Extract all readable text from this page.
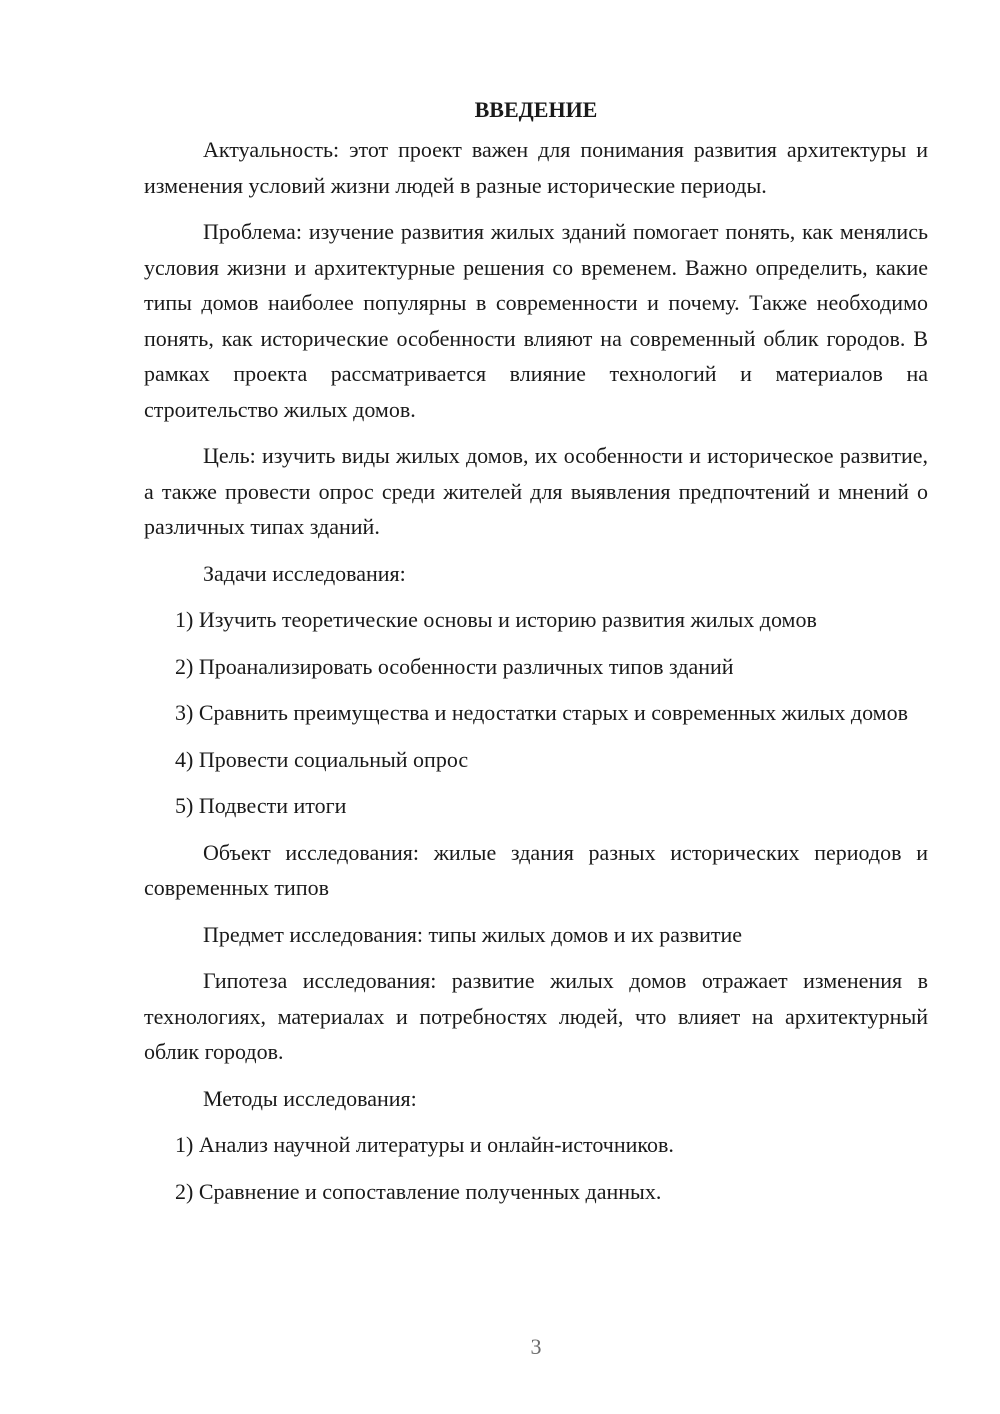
ВВЕДЕНИЕ

Актуальность: этот проект важен для понимания развития архитектуры и изменения условий жизни людей в разные исторические периоды.

Проблема: изучение развития жилых зданий помогает понять, как менялись условия жизни и архитектурные решения со временем. Важно определить, какие типы домов наиболее популярны в современности и почему. Также необходимо понять, как исторические особенности влияют на современный облик городов. В рамках проекта рассматривается влияние технологий и материалов на строительство жилых домов.

Цель: изучить виды жилых домов, их особенности и историческое развитие, а также провести опрос среди жителей для выявления предпочтений и мнений о различных типах зданий.

Задачи исследования:

1) Изучить теоретические основы и историю развития жилых домов

2) Проанализировать особенности различных типов зданий

3) Сравнить преимущества и недостатки старых и современных жилых домов

4) Провести социальный опрос

5) Подвести итоги

Объект исследования: жилые здания разных исторических периодов и современных типов

Предмет исследования: типы жилых домов и их развитие

Гипотеза исследования: развитие жилых домов отражает изменения в технологиях, материалах и потребностях людей, что влияет на архитектурный облик городов.

Методы исследования:

1) Анализ научной литературы и онлайн-источников.

2) Сравнение и сопоставление полученных данных.

3
